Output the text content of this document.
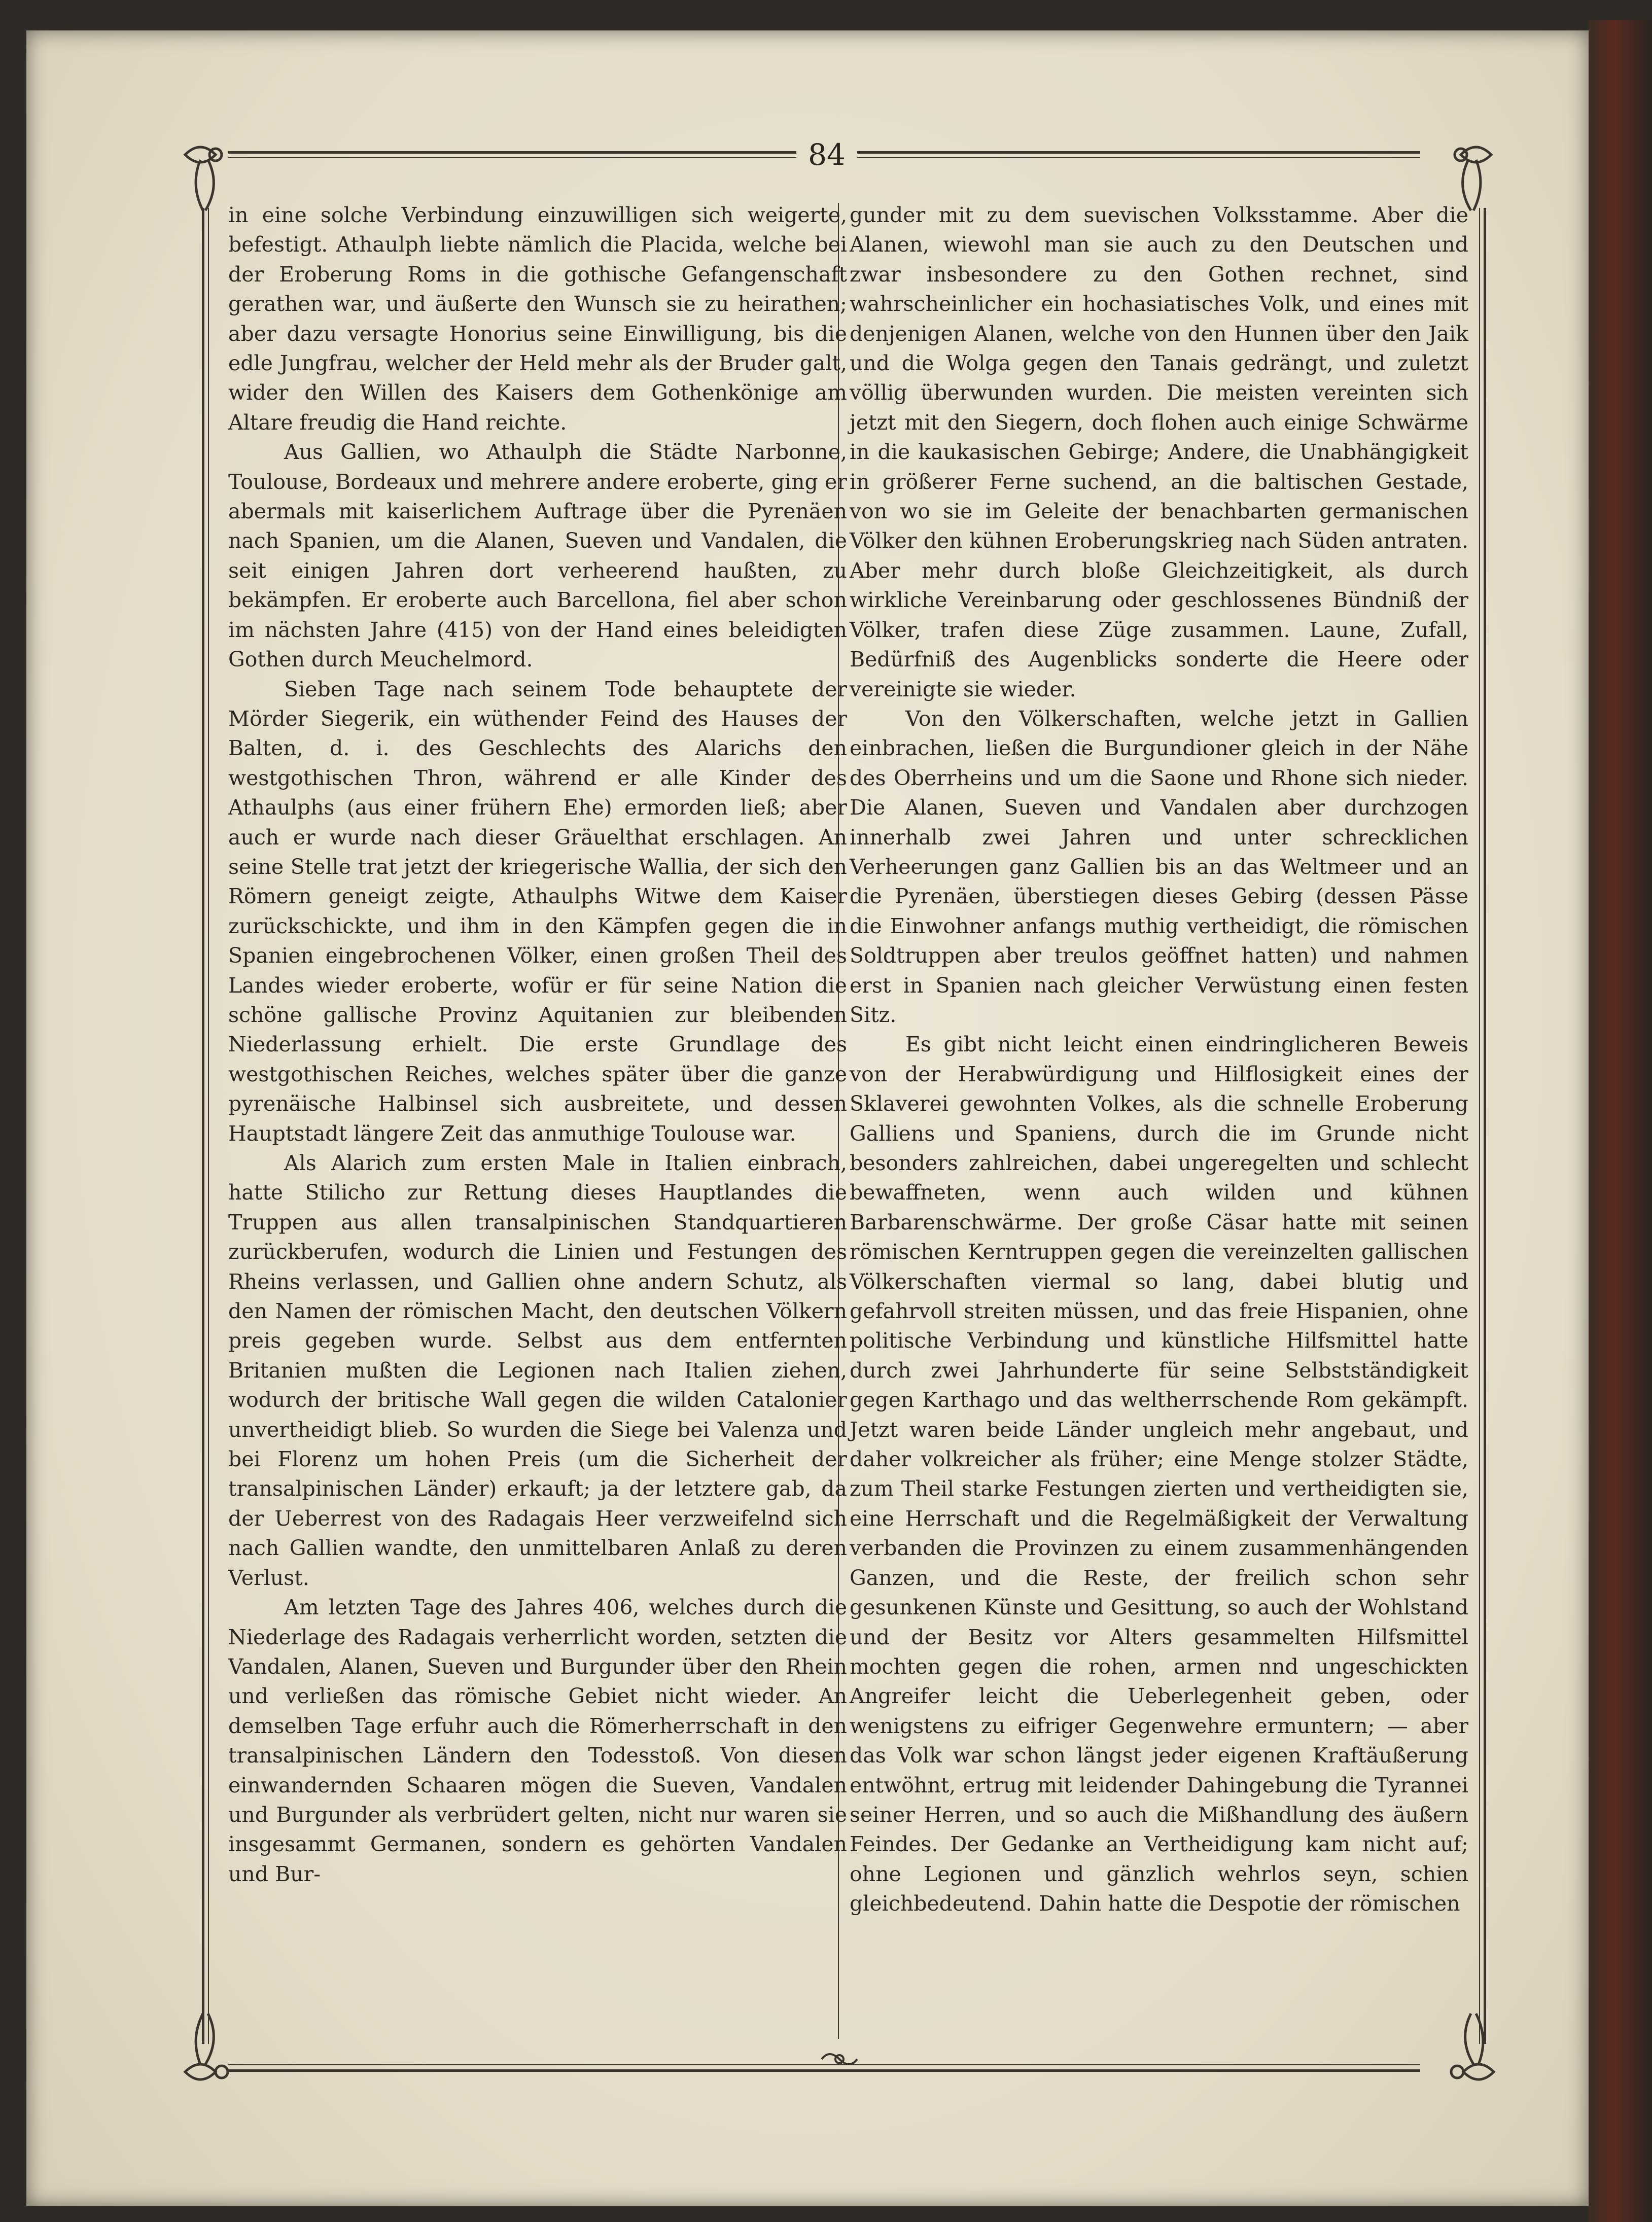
84

in eine solche Verbindung einzuwilligen sich weigerte, befestigt. Athaulph liebte nämlich die Placida, welche bei der Eroberung Roms in die gothische Gefangenschaft gerathen war, und äußerte den Wunsch sie zu heirathen; aber dazu versagte Honorius seine Einwilligung, bis die edle Jungfrau, welcher der Held mehr als der Bruder galt, wider den Willen des Kaisers dem Gothenkönige am Altare freudig die Hand reichte.

Aus Gallien, wo Athaulph die Städte Narbonne, Toulouse, Bordeaux und mehrere andere eroberte, ging er abermals mit kaiserlichem Auftrage über die Pyrenäen nach Spanien, um die Alanen, Sueven und Vandalen, die seit einigen Jahren dort verheerend haußten, zu bekämpfen. Er eroberte auch Barcellona, fiel aber schon im nächsten Jahre (415) von der Hand eines beleidigten Gothen durch Meuchelmord.

Sieben Tage nach seinem Tode behauptete der Mörder Siegerik, ein wüthender Feind des Hauses der Balten, d. i. des Geschlechts des Alarichs den westgothischen Thron, während er alle Kinder des Athaulphs (aus einer frühern Ehe) ermorden ließ; aber auch er wurde nach dieser Gräuelthat erschlagen. An seine Stelle trat jetzt der kriegerische Wallia, der sich den Römern geneigt zeigte, Athaulphs Witwe dem Kaiser zurückschickte, und ihm in den Kämpfen gegen die in Spanien eingebrochenen Völker, einen großen Theil des Landes wieder eroberte, wofür er für seine Nation die schöne gallische Provinz Aquitanien zur bleibenden Niederlassung erhielt. Die erste Grundlage des westgothischen Reiches, welches später über die ganze pyrenäische Halbinsel sich ausbreitete, und dessen Hauptstadt längere Zeit das anmuthige Toulouse war.

Als Alarich zum ersten Male in Italien einbrach, hatte Stilicho zur Rettung dieses Hauptlandes die Truppen aus allen transalpinischen Standquartieren zurückberufen, wodurch die Linien und Festungen des Rheins verlassen, und Gallien ohne andern Schutz, als den Namen der römischen Macht, den deutschen Völkern preis gegeben wurde. Selbst aus dem entfernten Britanien mußten die Legionen nach Italien ziehen, wodurch der britische Wall gegen die wilden Catalonier unvertheidigt blieb. So wurden die Siege bei Valenza und bei Florenz um hohen Preis (um die Sicherheit der transalpinischen Länder) erkauft; ja der letztere gab, da der Ueberrest von des Radagais Heer verzweifelnd sich nach Gallien wandte, den unmittelbaren Anlaß zu deren Verlust.

Am letzten Tage des Jahres 406, welches durch die Niederlage des Radagais verherrlicht worden, setzten die Vandalen, Alanen, Sueven und Burgunder über den Rhein und verließen das römische Gebiet nicht wieder. An demselben Tage erfuhr auch die Römerherrschaft in den transalpinischen Ländern den Todesstoß. Von diesen einwandernden Schaaren mögen die Sueven, Vandalen und Burgunder als verbrüdert gelten, nicht nur waren sie insgesammt Germanen, sondern es gehörten Vandalen und Bur-

gunder mit zu dem suevischen Volksstamme. Aber die Alanen, wiewohl man sie auch zu den Deutschen und zwar insbesondere zu den Gothen rechnet, sind wahrscheinlicher ein hochasiatisches Volk, und eines mit denjenigen Alanen, welche von den Hunnen über den Jaik und die Wolga gegen den Tanais gedrängt, und zuletzt völlig überwunden wurden. Die meisten vereinten sich jetzt mit den Siegern, doch flohen auch einige Schwärme in die kaukasischen Gebirge; Andere, die Unabhängigkeit in größerer Ferne suchend, an die baltischen Gestade, von wo sie im Geleite der benachbarten germanischen Völker den kühnen Eroberungskrieg nach Süden antraten. Aber mehr durch bloße Gleichzeitigkeit, als durch wirkliche Vereinbarung oder geschlossenes Bündniß der Völker, trafen diese Züge zusammen. Laune, Zufall, Bedürfniß des Augenblicks sonderte die Heere oder vereinigte sie wieder.

Von den Völkerschaften, welche jetzt in Gallien einbrachen, ließen die Burgundioner gleich in der Nähe des Oberrheins und um die Saone und Rhone sich nieder. Die Alanen, Sueven und Vandalen aber durchzogen innerhalb zwei Jahren und unter schrecklichen Verheerungen ganz Gallien bis an das Weltmeer und an die Pyrenäen, überstiegen dieses Gebirg (dessen Pässe die Einwohner anfangs muthig vertheidigt, die römischen Soldtruppen aber treulos geöffnet hatten) und nahmen erst in Spanien nach gleicher Verwüstung einen festen Sitz.

Es gibt nicht leicht einen eindringlicheren Beweis von der Herabwürdigung und Hilflosigkeit eines der Sklaverei gewohnten Volkes, als die schnelle Eroberung Galliens und Spaniens, durch die im Grunde nicht besonders zahlreichen, dabei ungeregelten und schlecht bewaffneten, wenn auch wilden und kühnen Barbarenschwärme. Der große Cäsar hatte mit seinen römischen Kerntruppen gegen die vereinzelten gallischen Völkerschaften viermal so lang, dabei blutig und gefahrvoll streiten müssen, und das freie Hispanien, ohne politische Verbindung und künstliche Hilfsmittel hatte durch zwei Jahrhunderte für seine Selbstständigkeit gegen Karthago und das weltherrschende Rom gekämpft. Jetzt waren beide Länder ungleich mehr angebaut, und daher volkreicher als früher; eine Menge stolzer Städte, zum Theil starke Festungen zierten und vertheidigten sie, eine Herrschaft und die Regelmäßigkeit der Verwaltung verbanden die Provinzen zu einem zusammenhängenden Ganzen, und die Reste, der freilich schon sehr gesunkenen Künste und Gesittung, so auch der Wohlstand und der Besitz vor Alters gesammelten Hilfsmittel mochten gegen die rohen, armen nnd ungeschickten Angreifer leicht die Ueberlegenheit geben, oder wenigstens zu eifriger Gegenwehre ermuntern; — aber das Volk war schon längst jeder eigenen Kraftäußerung entwöhnt, ertrug mit leidender Dahingebung die Tyrannei seiner Herren, und so auch die Mißhandlung des äußern Feindes. Der Gedanke an Vertheidigung kam nicht auf; ohne Legionen und gänzlich wehrlos seyn, schien gleichbedeutend. Dahin hatte die Despotie der römischen
